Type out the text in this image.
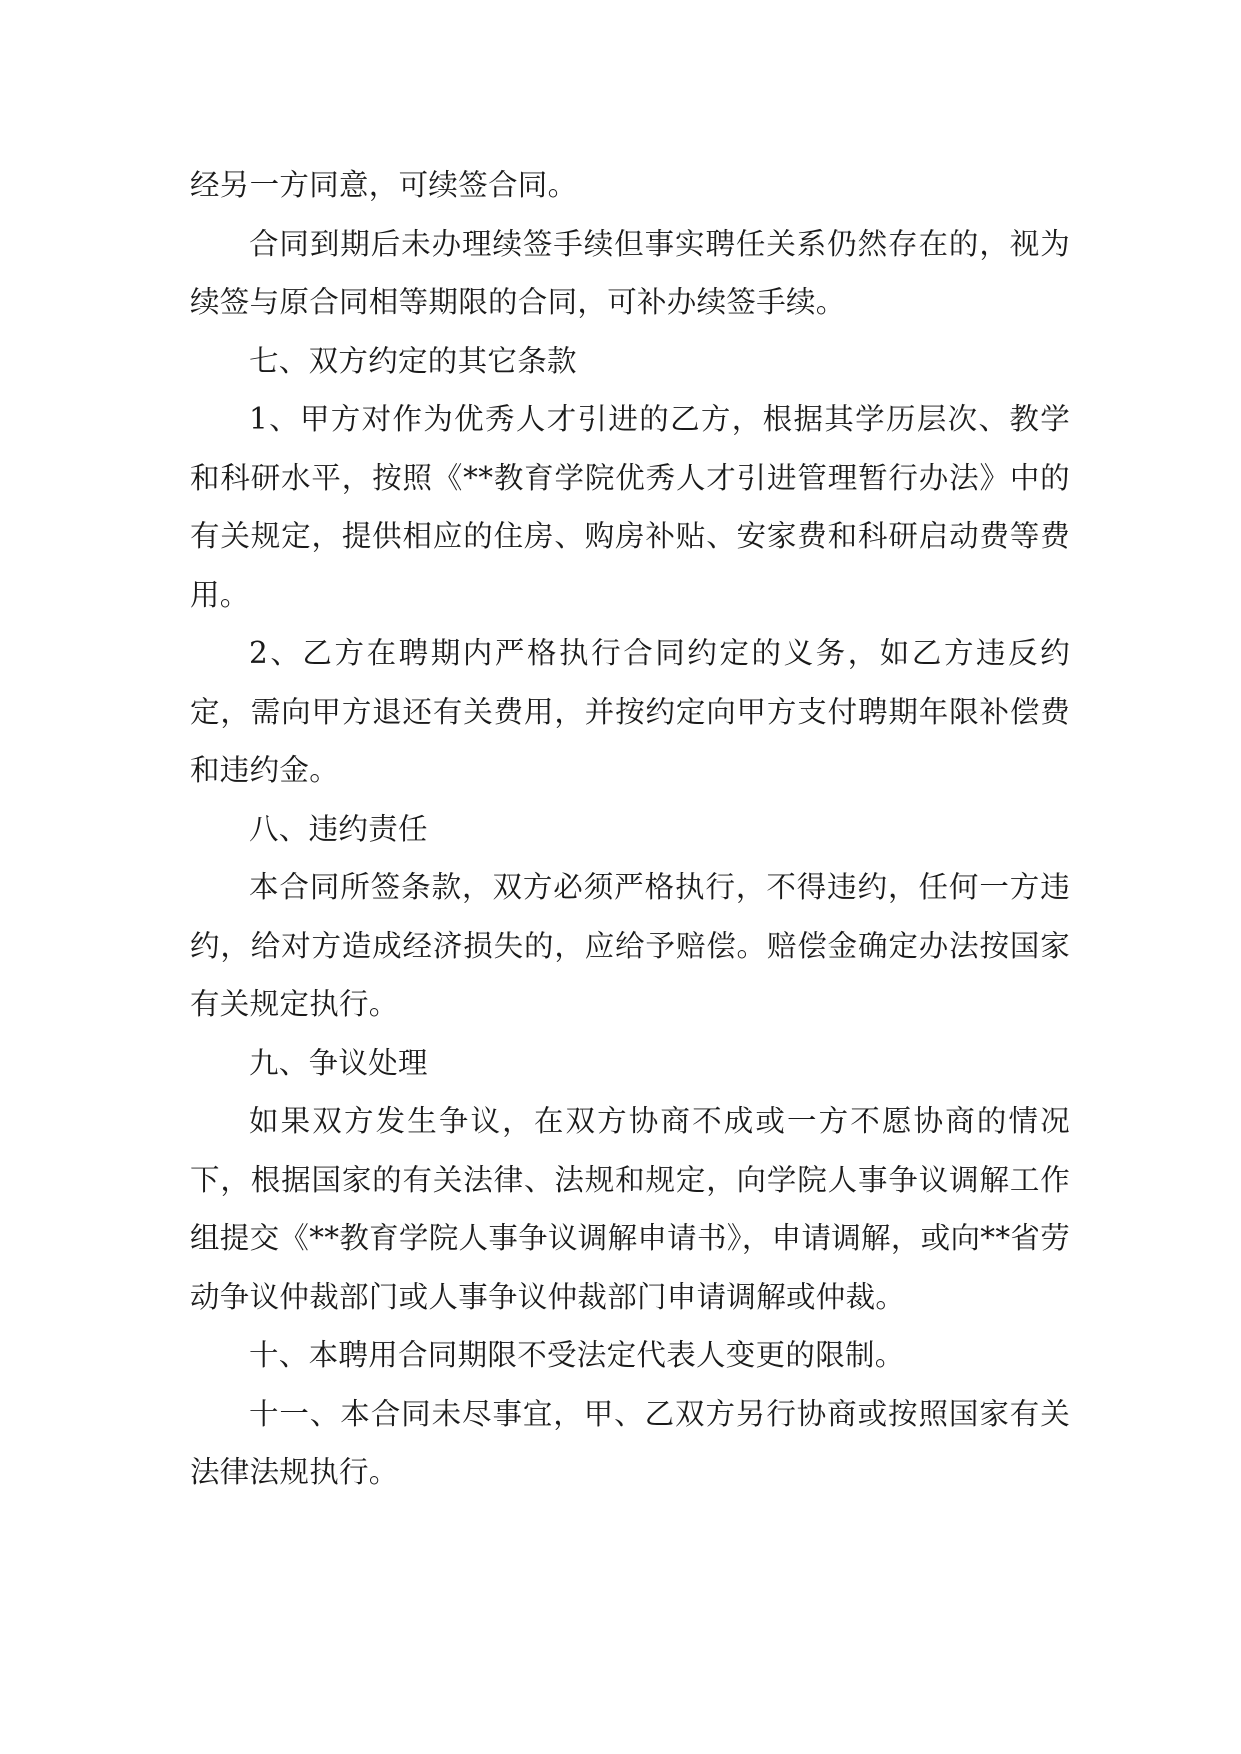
经另一方同意，可续签合同。

合同到期后未办理续签手续但事实聘任关系仍然存在的，视为续签与原合同相等期限的合同，可补办续签手续。

七、双方约定的其它条款

1、甲方对作为优秀人才引进的乙方，根据其学历层次、教学和科研水平，按照《**教育学院优秀人才引进管理暂行办法》中的有关规定，提供相应的住房、购房补贴、安家费和科研启动费等费用。

2、乙方在聘期内严格执行合同约定的义务，如乙方违反约定，需向甲方退还有关费用，并按约定向甲方支付聘期年限补偿费和违约金。

八、违约责任

本合同所签条款，双方必须严格执行，不得违约，任何一方违约，给对方造成经济损失的，应给予赔偿。赔偿金确定办法按国家有关规定执行。

九、争议处理

如果双方发生争议，在双方协商不成或一方不愿协商的情况下，根据国家的有关法律、法规和规定，向学院人事争议调解工作组提交《**教育学院人事争议调解申请书》，申请调解，或向**省劳动争议仲裁部门或人事争议仲裁部门申请调解或仲裁。

十、本聘用合同期限不受法定代表人变更的限制。

十一、本合同未尽事宜，甲、乙双方另行协商或按照国家有关法律法规执行。
